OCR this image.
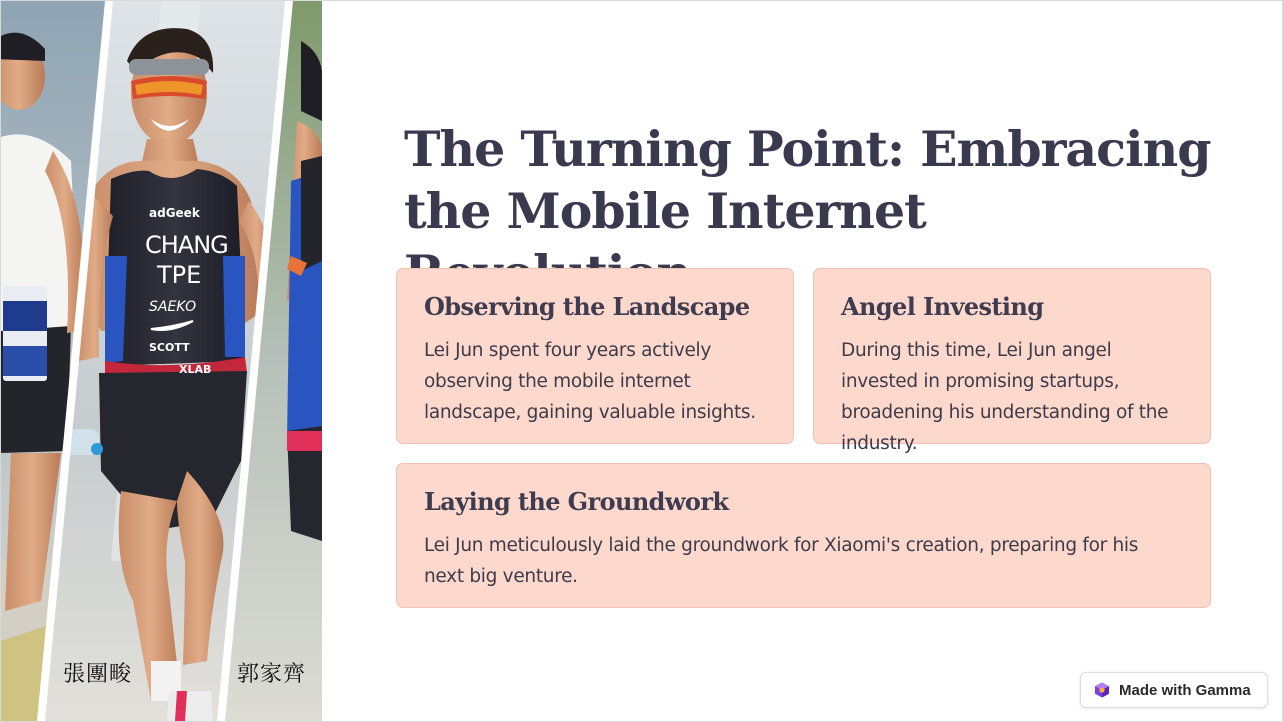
adGeek
CHANG
TPE
SAEKO
SCOTT
XLAB
張團畯	郭家齊
The Turning Point: Embracing the Mobile Internet
Observing the Landscape

Lei Jun spent four years actively observing the mobile internet landscape, gaining valuable insights.

Angel Investing

During this time, Lei Jun angel invested in promising startups, broadening his understanding of the industry.

Laying the Groundwork

Lei Jun meticulously laid the groundwork for Xiaomi's creation, preparing for his next big venture.

Made with Gamma
